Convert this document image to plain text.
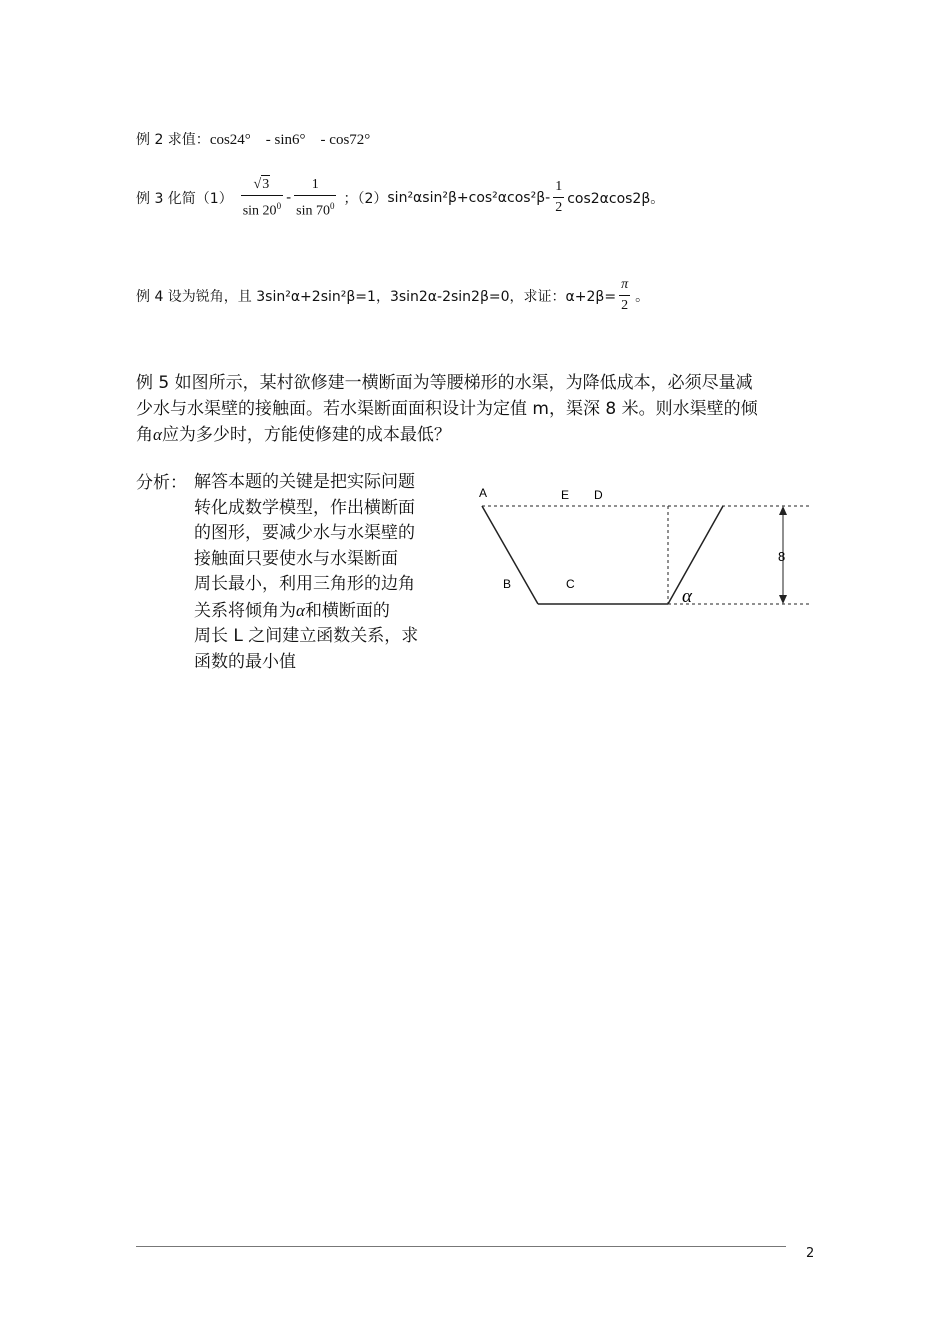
例 2 求值：cos24°　- sin6°　- cos72°
例 3 化简$(1) \frac{√ 3}{\sin 20^0} - \frac{1}{\sin 70^0}$ ；（2） $\sin^2\alpha\sin^2\beta+\cos^2\alpha\cos^2\beta- \frac{1}{2} \cos 2\alpha\cos 2\beta$。
例 4 设为锐角，且 3sin²α+2sin²β=1，3sin2α-2sin2β=0，求证：$\alpha+2\beta= \frac{\pi}{2}$ 。
例 5 如图所示，某村欲修建一横断面为等腰梯形的水渠，为降低成本，必须尽量减
少水与水渠壁的接触面。若水渠断面面积设计为定值 m，渠深 8 米。则水渠壁的倾
角α应为多少时，方能使修建的成本最低？
分析： 解答本题的关键是把实际问题
转化成数学模型，作出横断面
的图形，要减少水与水渠壁的
接触面只要使水与水渠断面
周长最小，利用三角形的边角
关系将倾角为α和横断面的
周长 L 之间建立函数关系，求
函数的最小值
A	E D
B	C
8
α
2
